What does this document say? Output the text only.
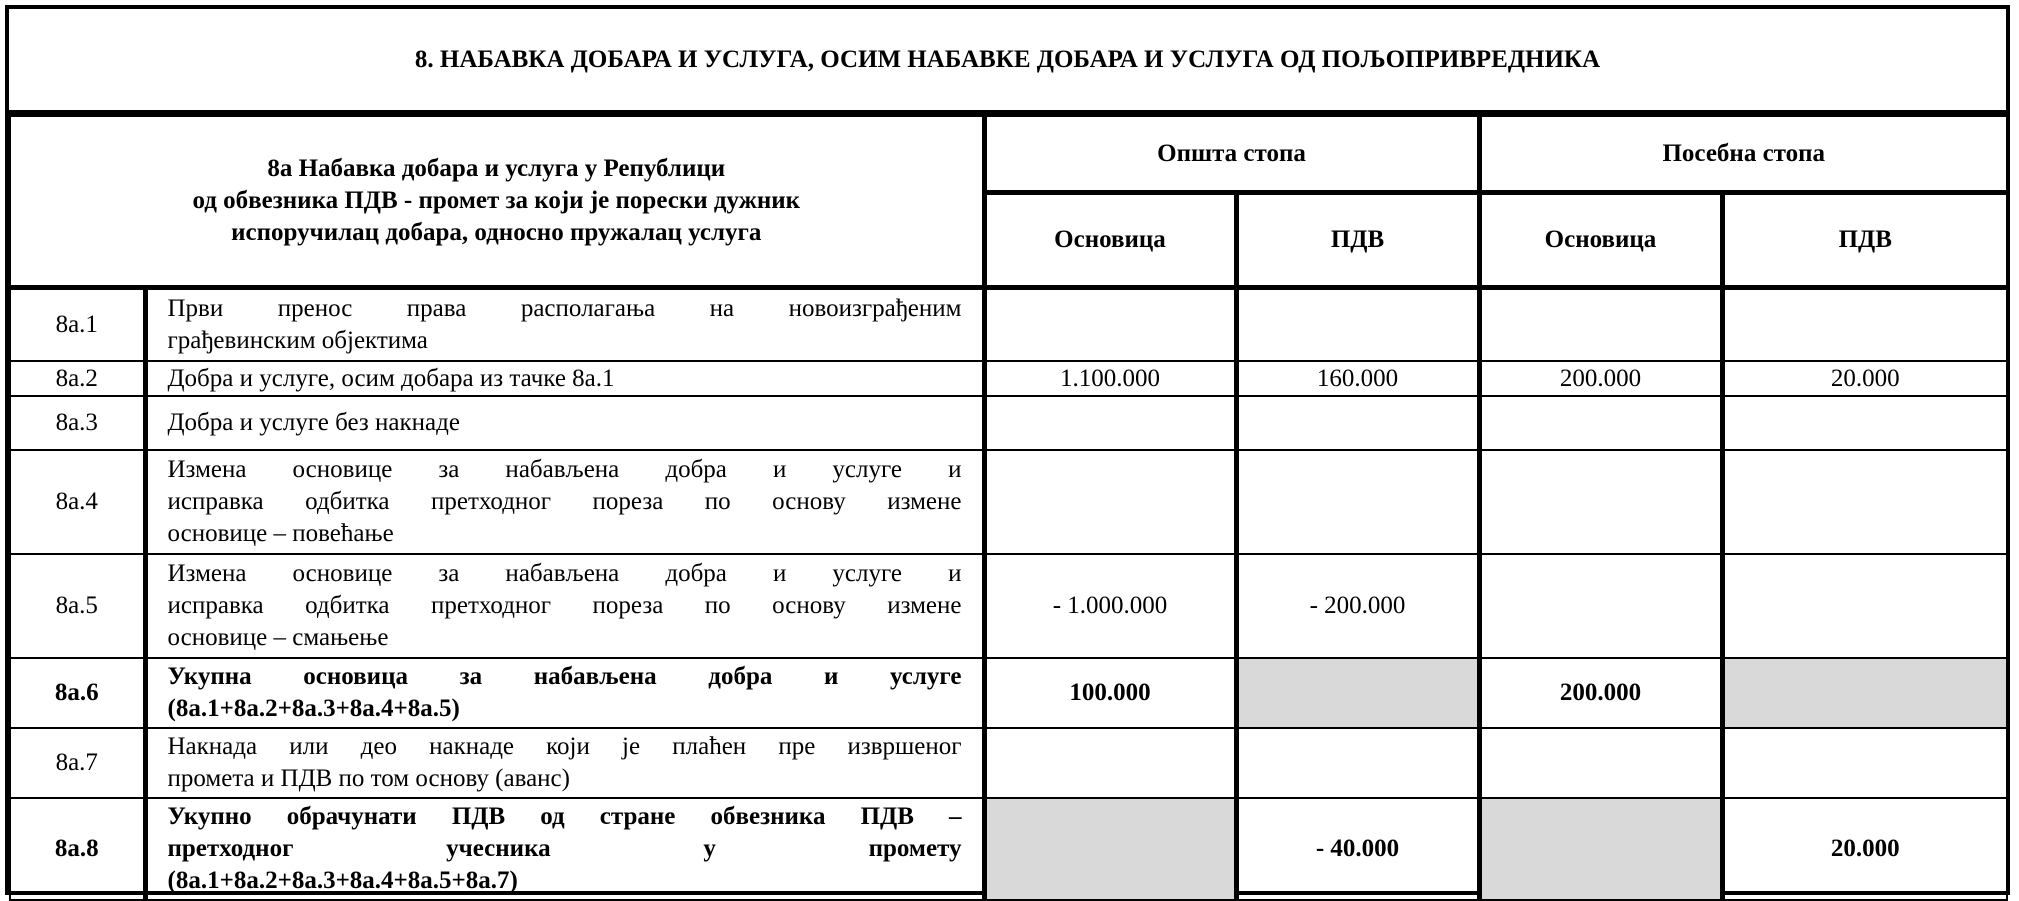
8. НАБАВКА ДОБАРА И УСЛУГА, ОСИМ НАБАВКЕ ДОБАРА И УСЛУГА ОД ПОЉОПРИВРЕДНИКА
8а Набавка добара и услуга у Републици
од обвезника ПДВ - промет за који је порески дужник
испоручилац добара, односно пружалац услуга		Општа стопа		Посебна стопа	
		Основица	ПДВ	Основица	ПДВ
8а.1	Први пренос права располагања на новоизграђеним
грађевинским објектима				

8а.2	Добра и услуге, осим добара из тачке 8а.1	1.100.000	160.000	200.000	20.000
8а.3	Добра и услуге без накнаде				

8а.4	Измена основице за набављена добра и услуге и
исправка одбитка претходног пореза по основу измене
основице – повећање				

8а.5	Измена основице за набављена добра и услуге и
исправка одбитка претходног пореза по основу измене
основице – смањење	- 1.000.000	- 200.000		
8а.6	Укупна основица за набављена добра и услуге
(8а.1+8а.2+8а.3+8а.4+8а.5)	100.000		200.000	
8а.7	Накнада или део накнаде који је плаћен пре извршеног
промета и ПДВ по том основу (аванс)				

8а.8	Укупно обрачунати ПДВ од стране обвезника ПДВ –
претходног учесника у промету
(8а.1+8а.2+8а.3+8а.4+8а.5+8а.7)		- 40.000		20.000
